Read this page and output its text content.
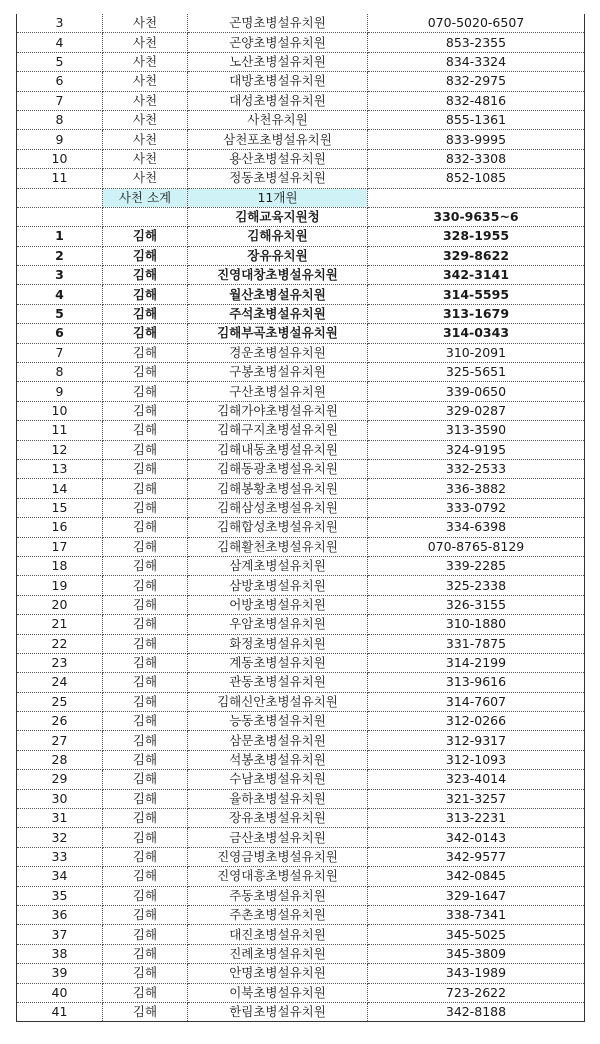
3	사천	곤명초병설유치원	070-5020-6507
4	사천	곤양초병설유치원	853-2355
5	사천	노산초병설유치원	834-3324
6	사천	대방초병설유치원	832-2975
7	사천	대성초병설유치원	832-4816
8	사천	사천유치원	855-1361
9	사천	삼천포초병설유치원	833-9995
10	사천	용산초병설유치원	832-3308
11	사천	정동초병설유치원	852-1085
	사천 소계	11개원	
		김해교육지원청	330-9635~6
1	김해	김해유치원	328-1955
2	김해	장유유치원	329-8622
3	김해	진영대창초병설유치원	342-3141
4	김해	월산초병설유치원	314-5595
5	김해	주석초병설유치원	313-1679
6	김해	김해부곡초병설유치원	314-0343
7	김해	경운초병설유치원	310-2091
8	김해	구봉초병설유치원	325-5651
9	김해	구산초병설유치원	339-0650
10	김해	김해가야초병설유치원	329-0287
11	김해	김해구지초병설유치원	313-3590
12	김해	김해내동초병설유치원	324-9195
13	김해	김해동광초병설유치원	332-2533
14	김해	김해봉황초병설유치원	336-3882
15	김해	김해삼성초병설유치원	333-0792
16	김해	김해합성초병설유치원	334-6398
17	김해	김해활천초병설유치원	070-8765-8129
18	김해	삼계초병설유치원	339-2285
19	김해	삼방초병설유치원	325-2338
20	김해	어방초병설유치원	326-3155
21	김해	우암초병설유치원	310-1880
22	김해	화정초병설유치원	331-7875
23	김해	계동초병설유치원	314-2199
24	김해	관동초병설유치원	313-9616
25	김해	김해신안초병설유치원	314-7607
26	김해	능동초병설유치원	312-0266
27	김해	삼문초병설유치원	312-9317
28	김해	석봉초병설유치원	312-1093
29	김해	수남초병설유치원	323-4014
30	김해	율하초병설유치원	321-3257
31	김해	장유초병설유치원	313-2231
32	김해	금산초병설유치원	342-0143
33	김해	진영금병초병설유치원	342-9577
34	김해	진영대흥초병설유치원	342-0845
35	김해	주동초병설유치원	329-1647
36	김해	주촌초병설유치원	338-7341
37	김해	대진초병설유치원	345-5025
38	김해	진례초병설유치원	345-3809
39	김해	안명초병설유치원	343-1989
40	김해	이북초병설유치원	723-2622
41	김해	한림초병설유치원	342-8188
